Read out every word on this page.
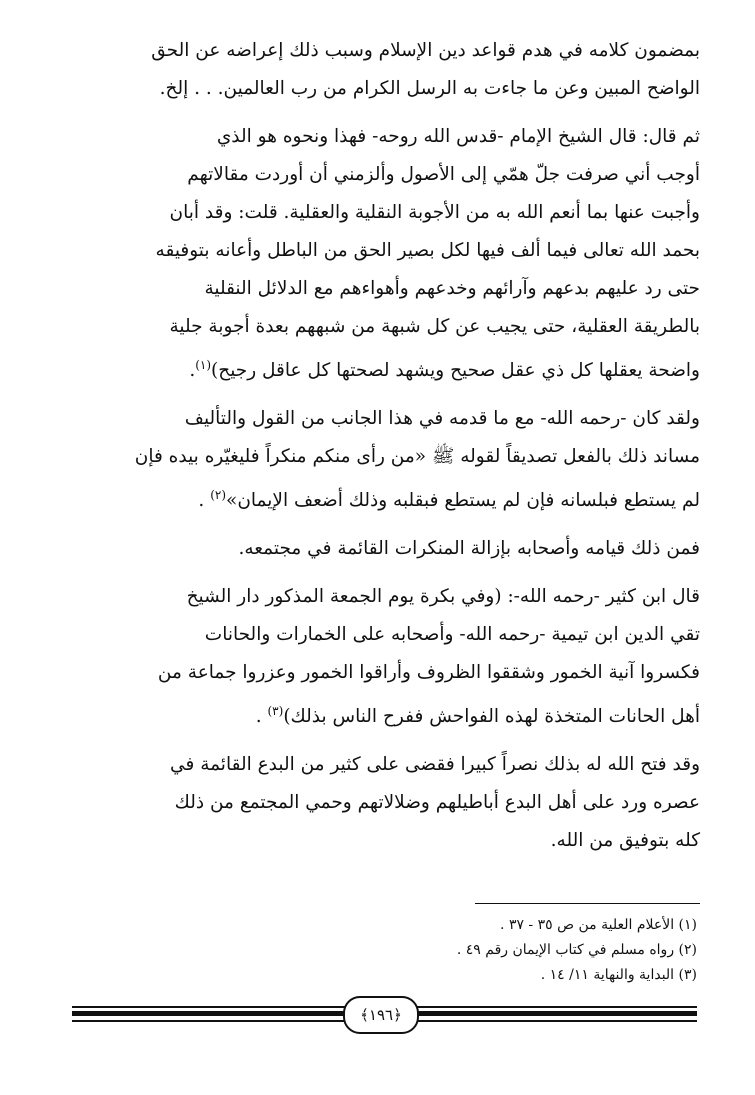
بمضمون كلامه في هدم قواعد دين الإسلام وسبب ذلك إعراضه عن الحق

الواضح المبين وعن ما جاءت به الرسل الكرام من رب العالمين. . . إلخ.

ثم قال: قال الشيخ الإمام -قدس الله روحه- فهذا ونحوه هو الذي

أوجب أني صرفت جلّ همّي إلى الأصول وألزمني أن أوردت مقالاتهم

وأجبت عنها بما أنعم الله به من الأجوبة النقلية والعقلية. قلت: وقد أبان

بحمد الله تعالى فيما ألف فيها لكل بصير الحق من الباطل وأعانه بتوفيقه

حتى رد عليهم بدعهم وآرائهم وخدعهم وأهواءهم مع الدلائل النقلية

بالطريقة العقلية، حتى يجيب عن كل شبهة من شبههم بعدة أجوبة جلية

واضحة يعقلها كل ذي عقل صحيح ويشهد لصحتها كل عاقل رجيح)$^{(١)}$.

ولقد كان -رحمه الله- مع ما قدمه في هذا الجانب من القول والتأليف

مساند ذلك بالفعل تصديقاً لقوله ﷺ «من رأى منكم منكراً فليغيّره بيده فإن

لم يستطع فبلسانه فإن لم يستطع فبقلبه وذلك أضعف الإيمان»$^{(٢)}$ .

فمن ذلك قيامه وأصحابه بإزالة المنكرات القائمة في مجتمعه.

قال ابن كثير -رحمه الله-: (وفي بكرة يوم الجمعة المذكور دار الشيخ

تقي الدين ابن تيمية -رحمه الله- وأصحابه على الخمارات والحانات

فكسروا آنية الخمور وشققوا الظروف وأراقوا الخمور وعزروا جماعة من

أهل الحانات المتخذة لهذه الفواحش ففرح الناس بذلك)$^{(٣)}$ .

وقد فتح الله له بذلك نصراً كبيرا فقضى على كثير من البدع القائمة في

عصره ورد على أهل البدع أباطيلهم وضلالاتهم وحمي المجتمع من ذلك

كله بتوفيق من الله.

(١) الأعلام العلية من ص ٣٥ - ٣٧ .
(٢) رواه مسلم في كتاب الإيمان رقم ٤٩ .
(٣) البداية والنهاية ١١/ ١٤ .
﴿١٩٦﴾
